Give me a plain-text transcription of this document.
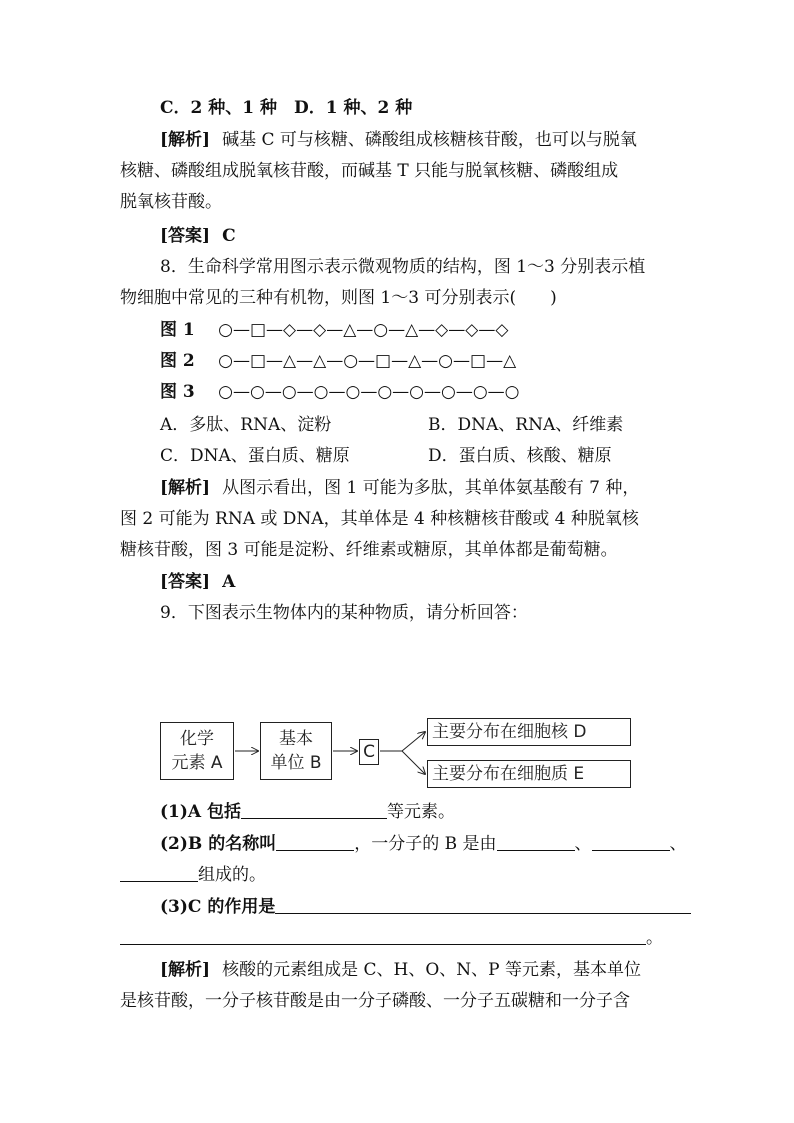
C．2 种、1 种　D．1 种、2 种
[解析] 碱基 C 可与核糖、磷酸组成核糖核苷酸，也可以与脱氧
核糖、磷酸组成脱氧核苷酸，而碱基 T 只能与脱氧核糖、磷酸组成
脱氧核苷酸。
[答案] C
8．生命科学常用图示表示微观物质的结构，图 1～3 分别表示植
物细胞中常见的三种有机物，则图 1～3 可分别表示(　　)
图 1 ○—□—◇—◇—△—○—△—◇—◇—◇
图 2 ○—□—△—△—○—□—△—○—□—△
图 3 ○—○—○—○—○—○—○—○—○—○
A．多肽、RNA、淀粉	B．DNA、RNA、纤维素
C．DNA、蛋白质、糖原	D．蛋白质、核酸、糖原
[解析] 从图示看出，图 1 可能为多肽，其单体氨基酸有 7 种，
图 2 可能为 RNA 或 DNA，其单体是 4 种核糖核苷酸或 4 种脱氧核
糖核苷酸，图 3 可能是淀粉、纤维素或糖原，其单体都是葡萄糖。
[答案] A
9．下图表示生物体内的某种物质，请分析回答：
化学
元素 A
基本
单位 B
C
主要分布在细胞核 D
主要分布在细胞质 E
(1)A 包括	等元素。
(2)B 的名称叫	，一分子的 B 是由	、	、
组成的。
(3)C 的作用是
。
[解析] 核酸的元素组成是 C、H、O、N、P 等元素，基本单位
是核苷酸，一分子核苷酸是由一分子磷酸、一分子五碳糖和一分子含
